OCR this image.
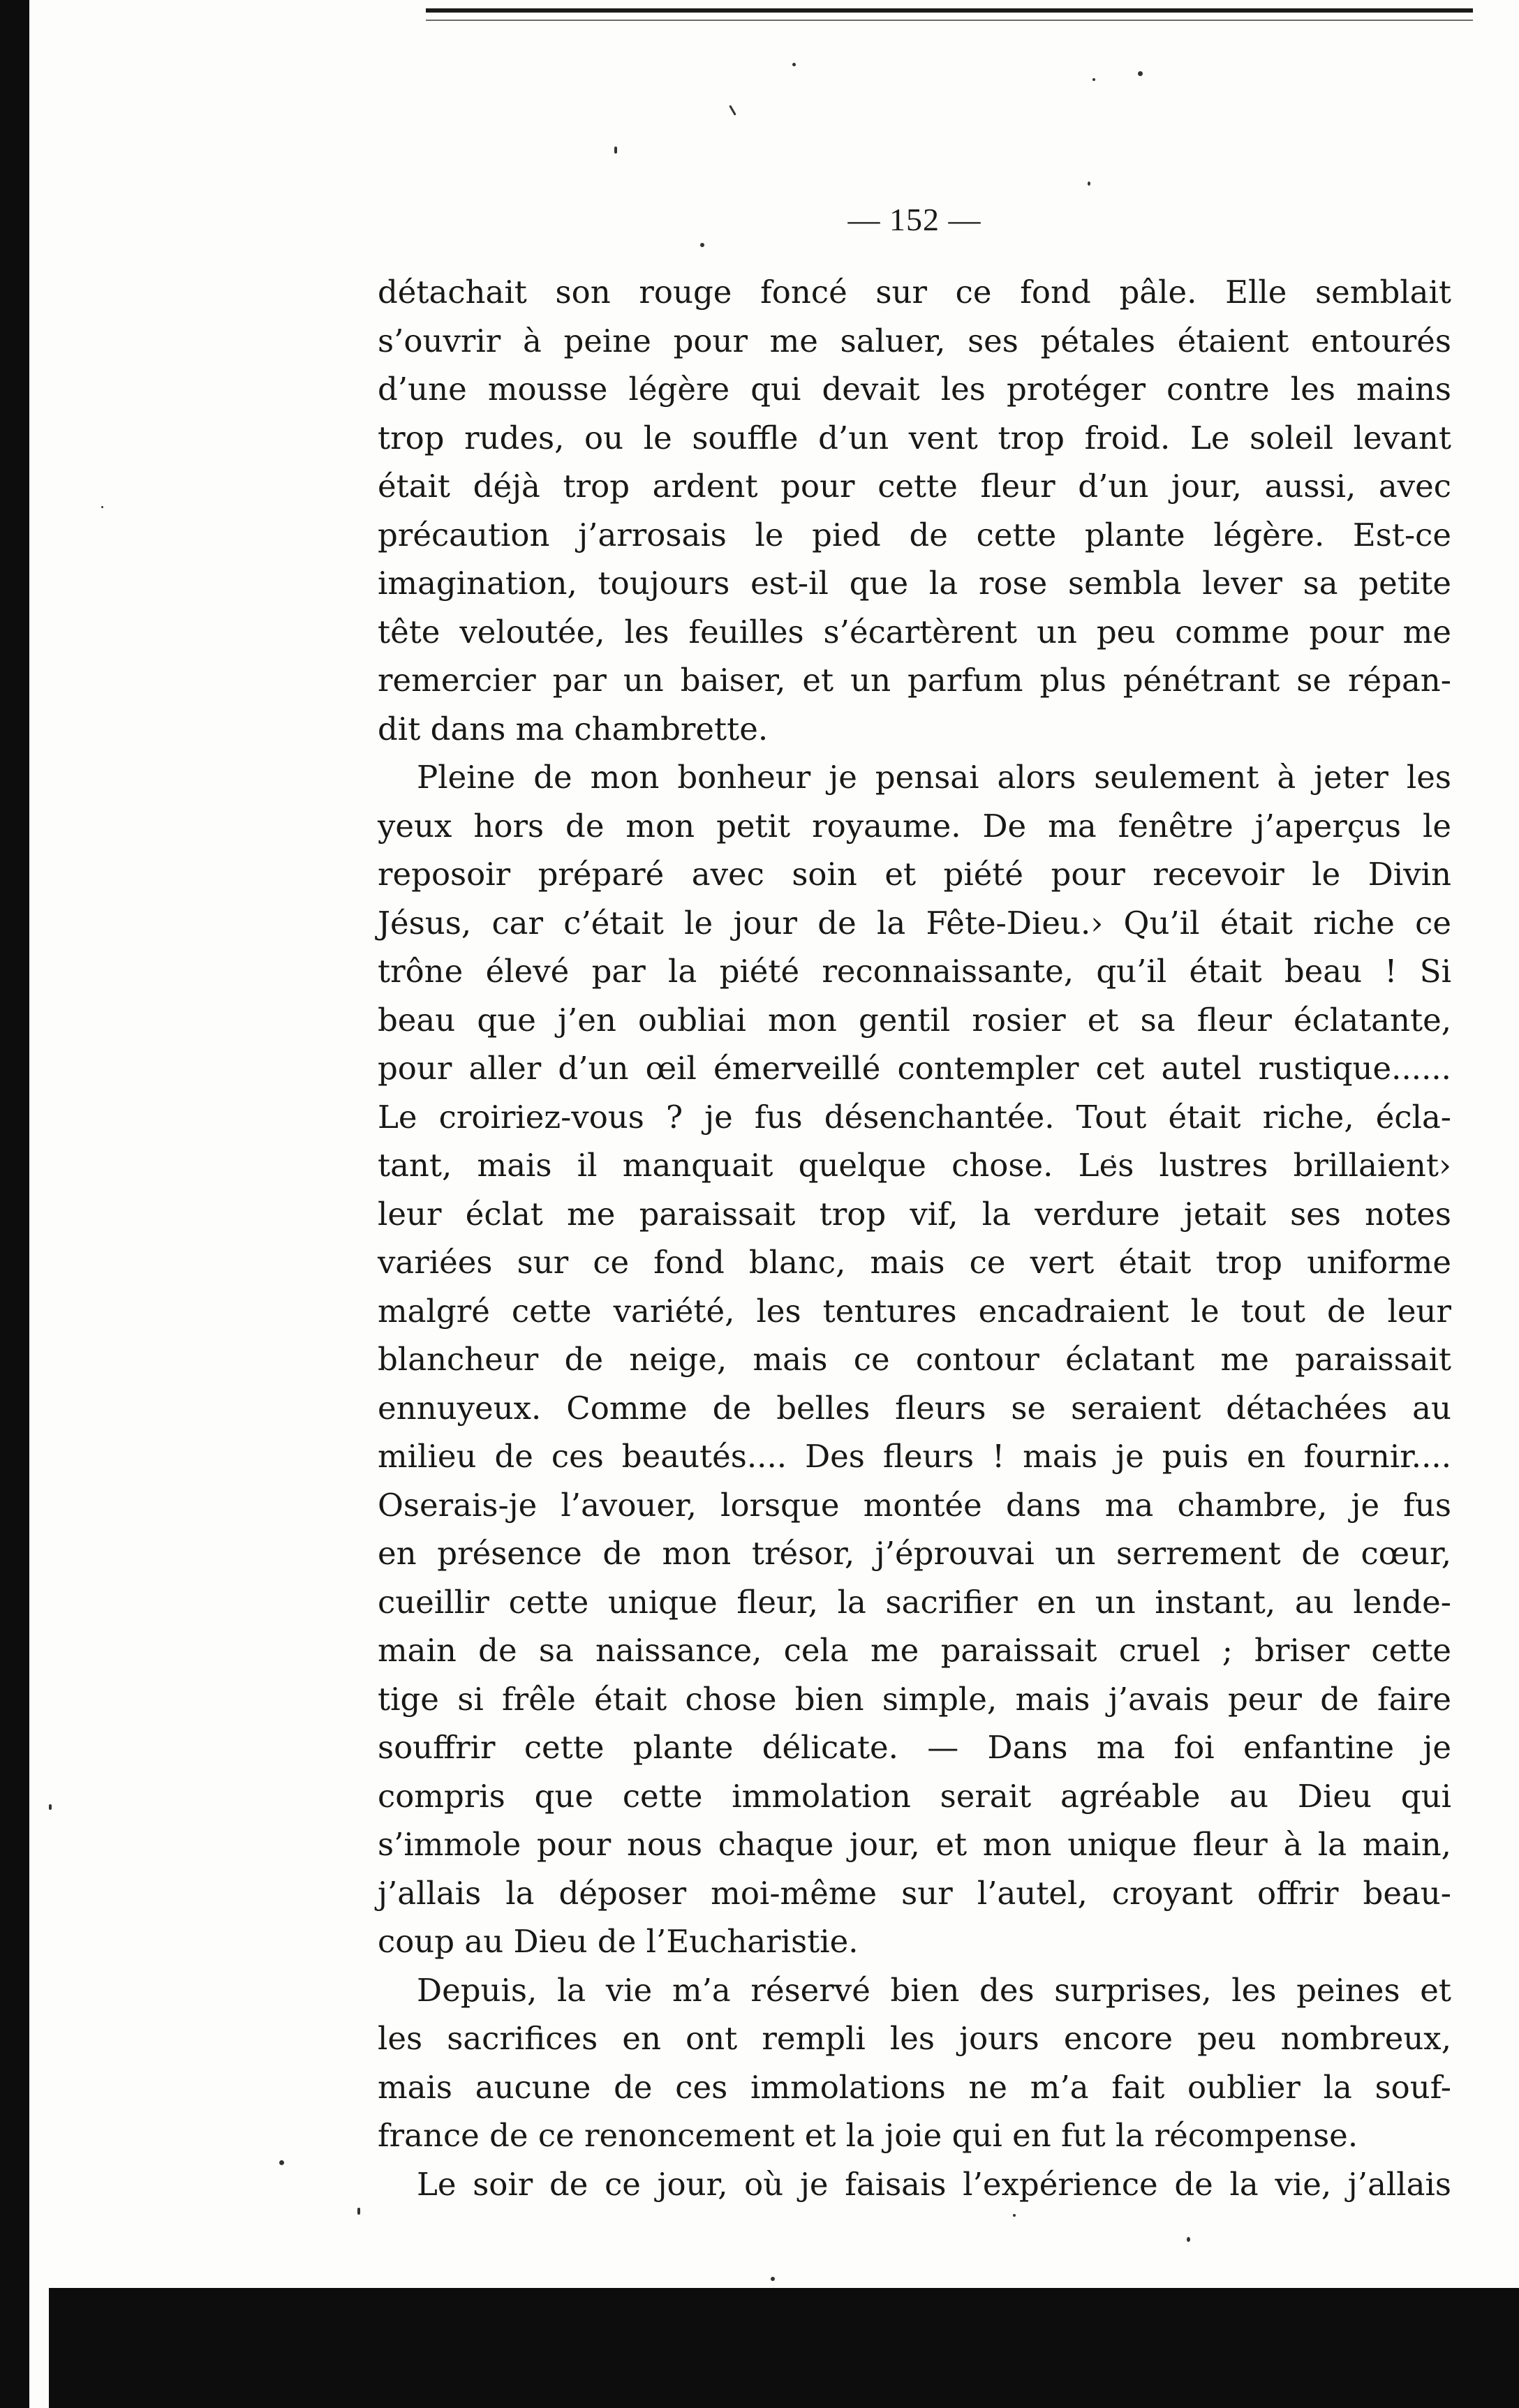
— 152 —

détachait son rouge foncé sur ce fond pâle. Elle semblait
s’ouvrir à peine pour me saluer, ses pétales étaient entourés
d’une mousse légère qui devait les protéger contre les mains
trop rudes, ou le souffle d’un vent trop froid. Le soleil levant
était déjà trop ardent pour cette fleur d’un jour, aussi, avec
précaution j’arrosais le pied de cette plante légère. Est-ce
imagination, toujours est-il que la rose sembla lever sa petite
tête veloutée, les feuilles s’écartèrent un peu comme pour me
remercier par un baiser, et un parfum plus pénétrant se répan-
dit dans ma chambrette.

Pleine de mon bonheur je pensai alors seulement à jeter les
yeux hors de mon petit royaume. De ma fenêtre j’aperçus le
reposoir préparé avec soin et piété pour recevoir le Divin
Jésus, car c’était le jour de la Fête-Dieu.› Qu’il était riche ce
trône élevé par la piété reconnaissante, qu’il était beau ! Si
beau que j’en oubliai mon gentil rosier et sa fleur éclatante,
pour aller d’un œil émerveillé contempler cet autel rustique......
Le croiriez-vous ? je fus désenchantée. Tout était riche, écla-
tant, mais il manquait quelque chose. Les lustres brillaient›
leur éclat me paraissait trop vif, la verdure jetait ses notes
variées sur ce fond blanc, mais ce vert était trop uniforme
malgré cette variété, les tentures encadraient le tout de leur
blancheur de neige, mais ce contour éclatant me paraissait
ennuyeux. Comme de belles fleurs se seraient détachées au
milieu de ces beautés.... Des fleurs ! mais je puis en fournir....
Oserais-je l’avouer, lorsque montée dans ma chambre, je fus
en présence de mon trésor, j’éprouvai un serrement de cœur,
cueillir cette unique fleur, la sacrifier en un instant, au lende-
main de sa naissance, cela me paraissait cruel ; briser cette
tige si frêle était chose bien simple, mais j’avais peur de faire
souffrir cette plante délicate. — Dans ma foi enfantine je
compris que cette immolation serait agréable au Dieu qui
s’immole pour nous chaque jour, et mon unique fleur à la main,
j’allais la déposer moi-même sur l’autel, croyant offrir beau-
coup au Dieu de l’Eucharistie.

Depuis, la vie m’a réservé bien des surprises, les peines et
les sacrifices en ont rempli les jours encore peu nombreux,
mais aucune de ces immolations ne m’a fait oublier la souf-
france de ce renoncement et la joie qui en fut la récompense.

Le soir de ce jour, où je faisais l’expérience de la vie, j’allais
